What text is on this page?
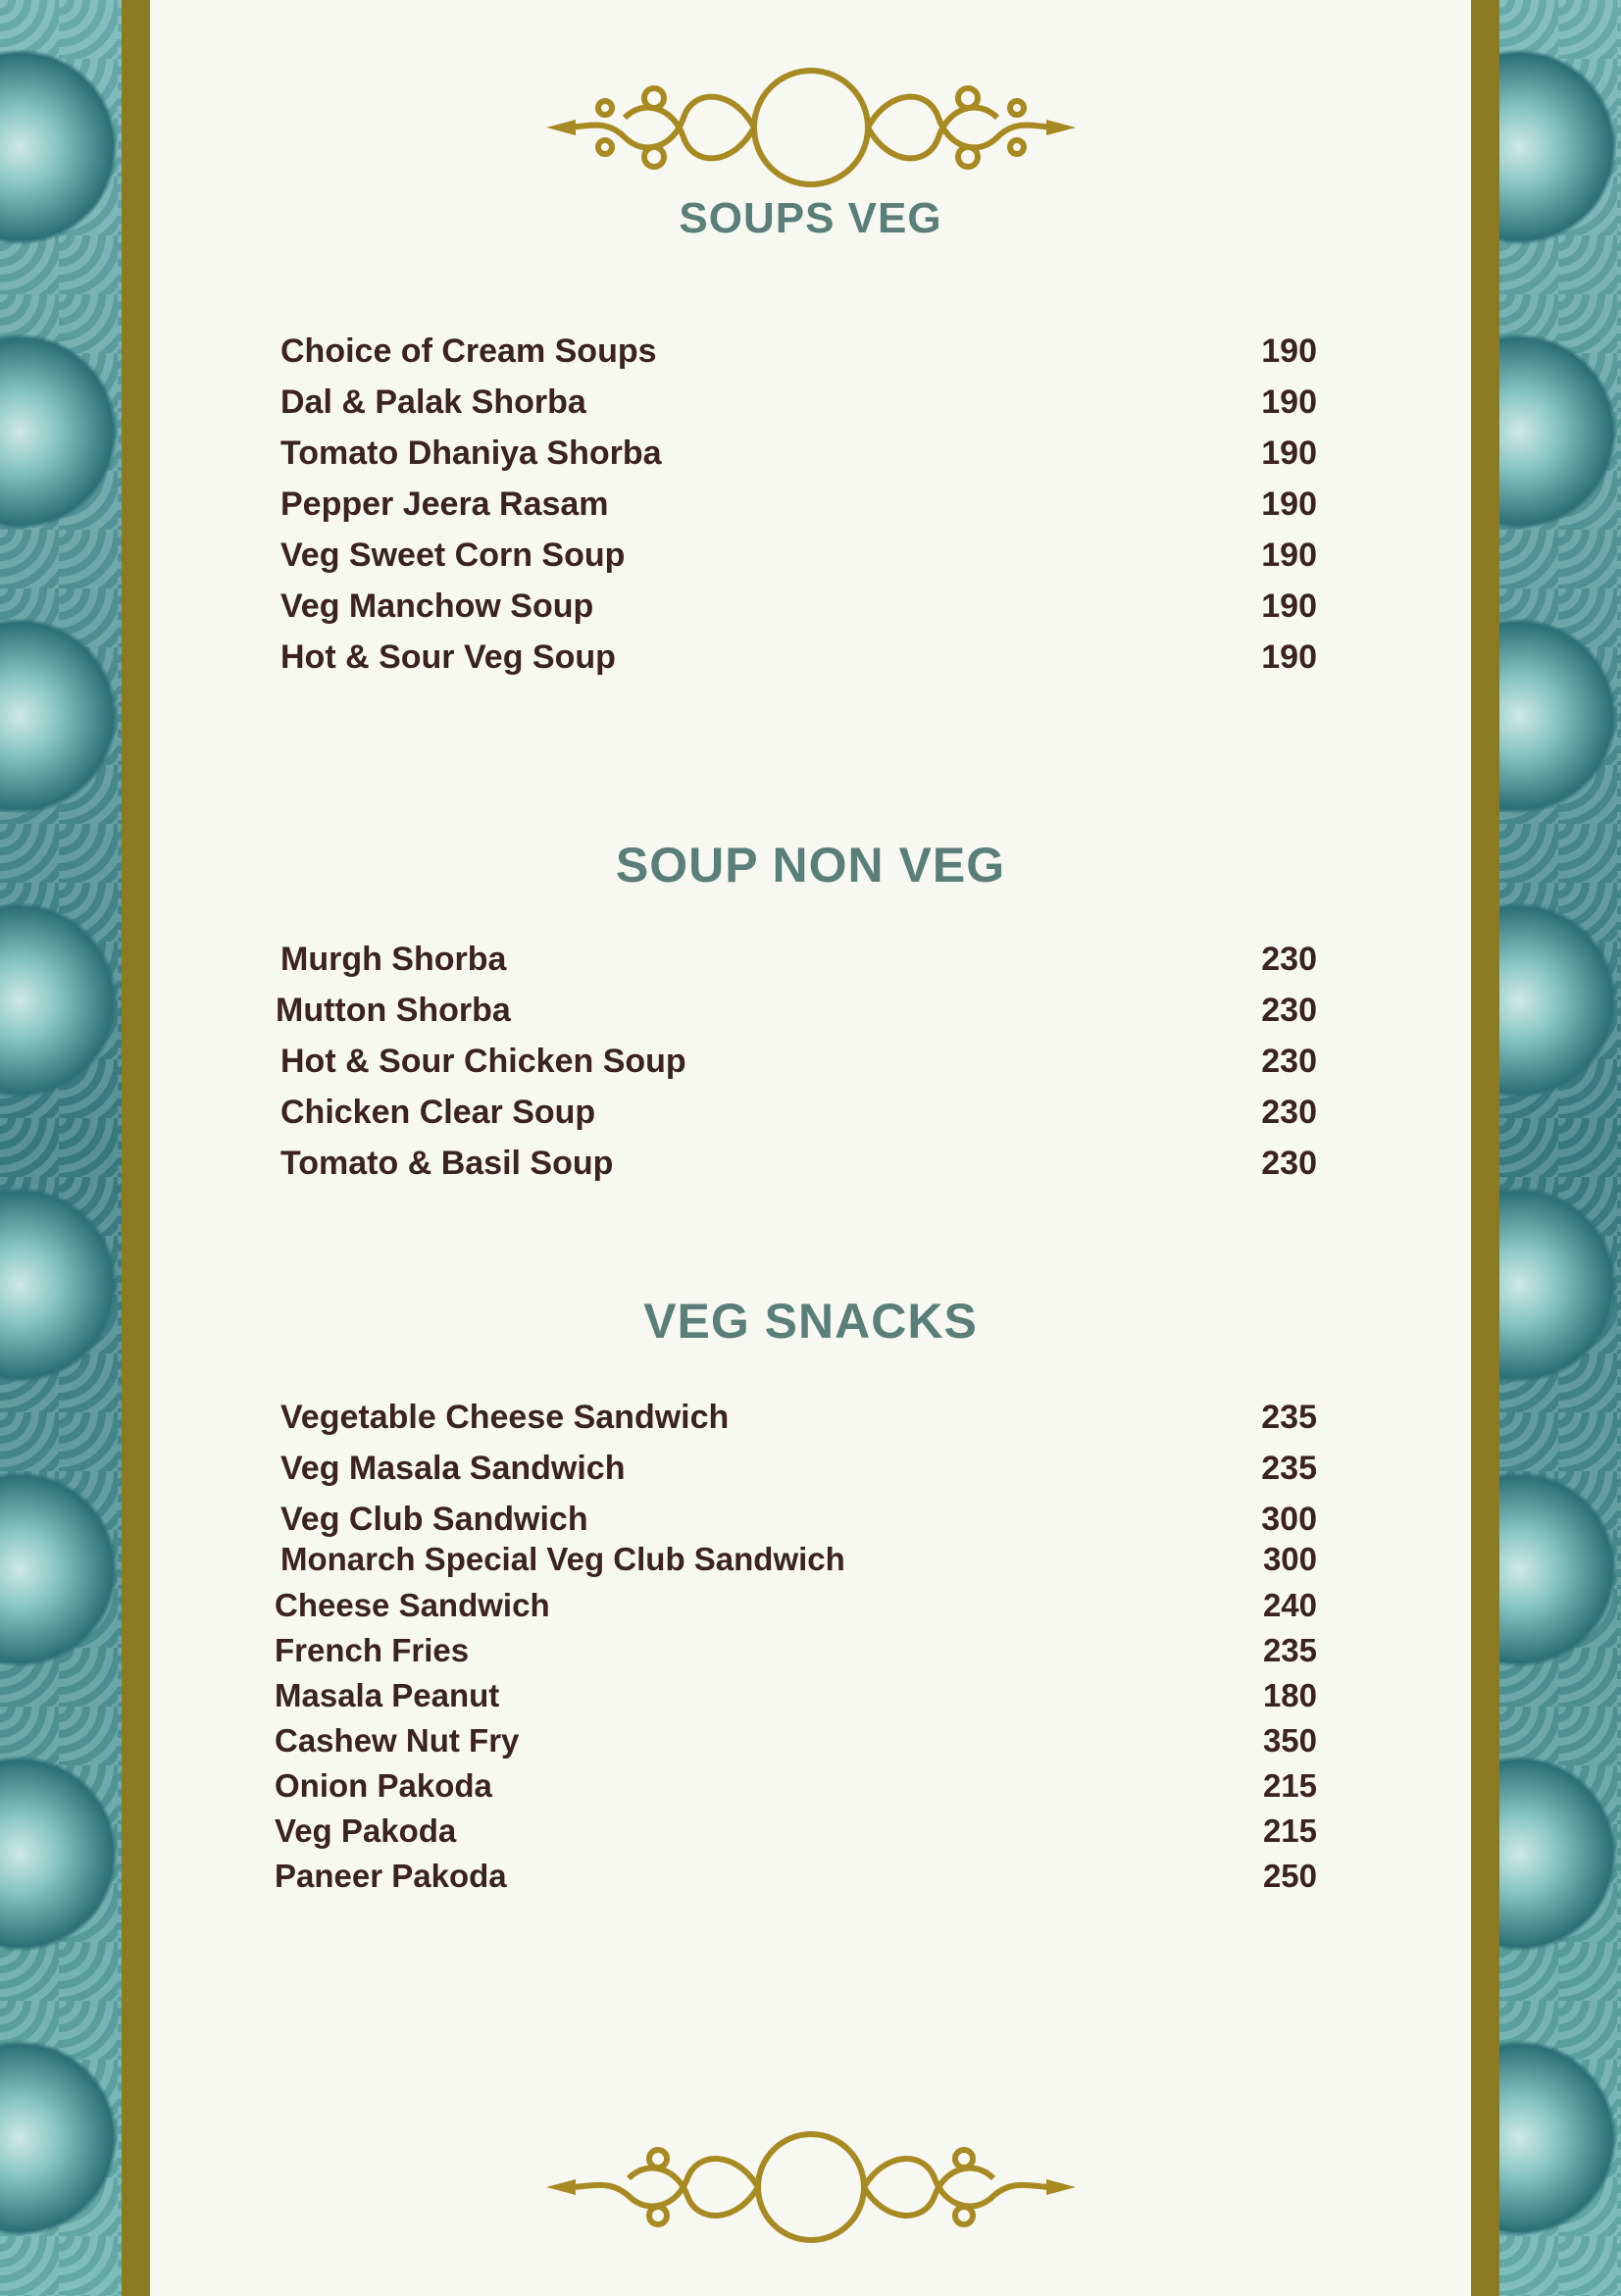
SOUPS VEG
Choice of Cream Soups	190
Dal & Palak Shorba	190
Tomato Dhaniya Shorba	190
Pepper Jeera Rasam	190
Veg Sweet Corn Soup	190
Veg Manchow Soup	190
Hot & Sour Veg Soup	190
SOUP NON VEG
Murgh Shorba	230
Mutton Shorba	230
Hot & Sour Chicken Soup	230
Chicken Clear Soup	230
Tomato & Basil Soup	230
VEG SNACKS
Vegetable Cheese Sandwich	235
Veg Masala Sandwich	235
Veg Club Sandwich	300
Monarch Special Veg Club Sandwich	300
Cheese Sandwich	240
French Fries	235
Masala Peanut	180
Cashew Nut Fry	350
Onion Pakoda	215
Veg Pakoda	215
Paneer Pakoda	250
